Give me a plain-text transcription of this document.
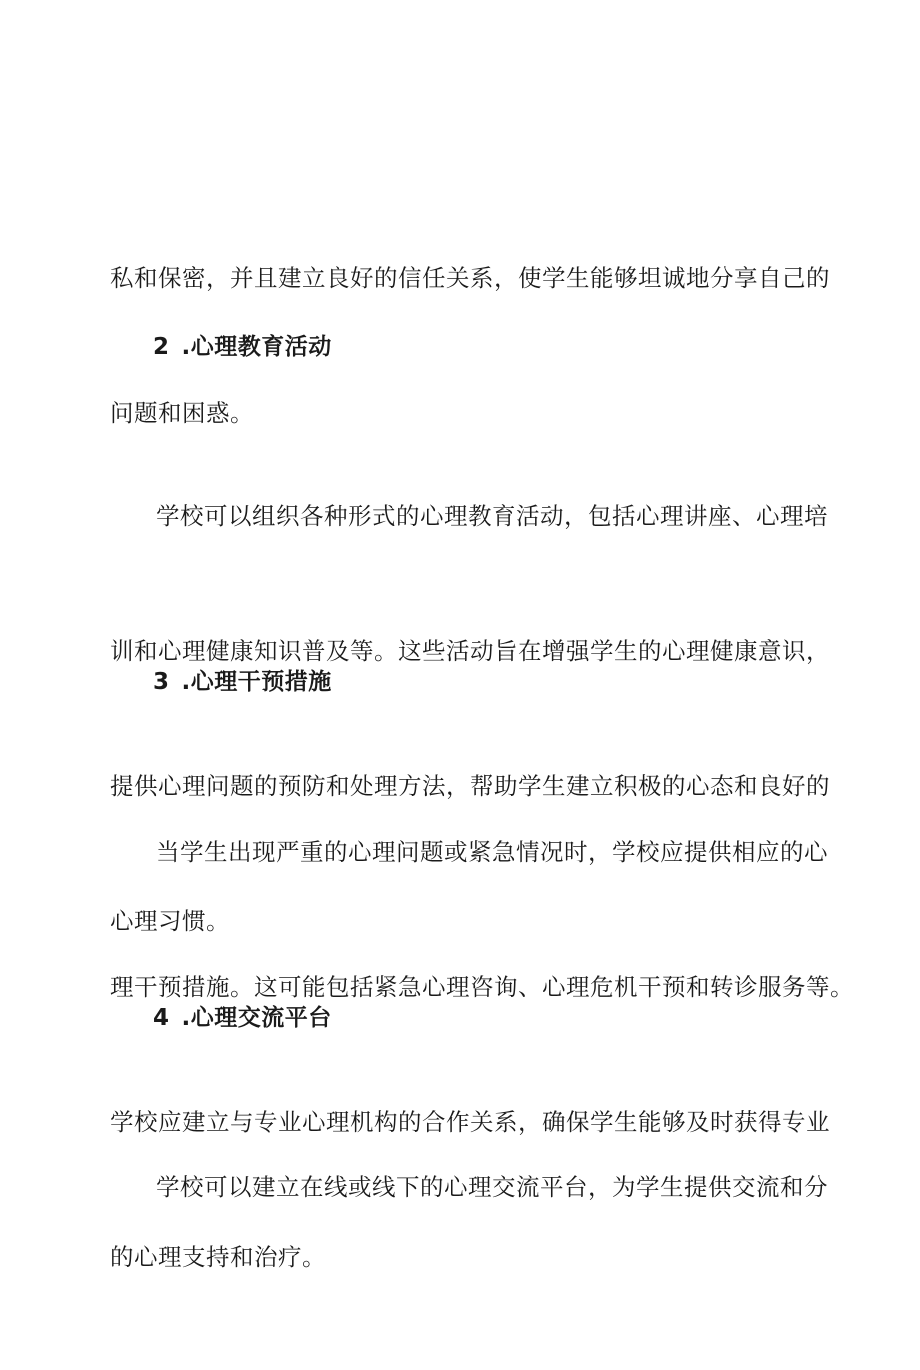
私和保密，并且建立良好的信任关系，使学生能够坦诚地分享自己的

问题和困惑。

2 .心理教育活动

学校可以组织各种形式的心理教育活动，包括心理讲座、心理培

训和心理健康知识普及等。这些活动旨在增强学生的心理健康意识，

提供心理问题的预防和处理方法，帮助学生建立积极的心态和良好的

心理习惯。

3 .心理干预措施

当学生出现严重的心理问题或紧急情况时，学校应提供相应的心

理干预措施。这可能包括紧急心理咨询、心理危机干预和转诊服务等。

学校应建立与专业心理机构的合作关系，确保学生能够及时获得专业

的心理支持和治疗。

4 .心理交流平台

学校可以建立在线或线下的心理交流平台，为学生提供交流和分
